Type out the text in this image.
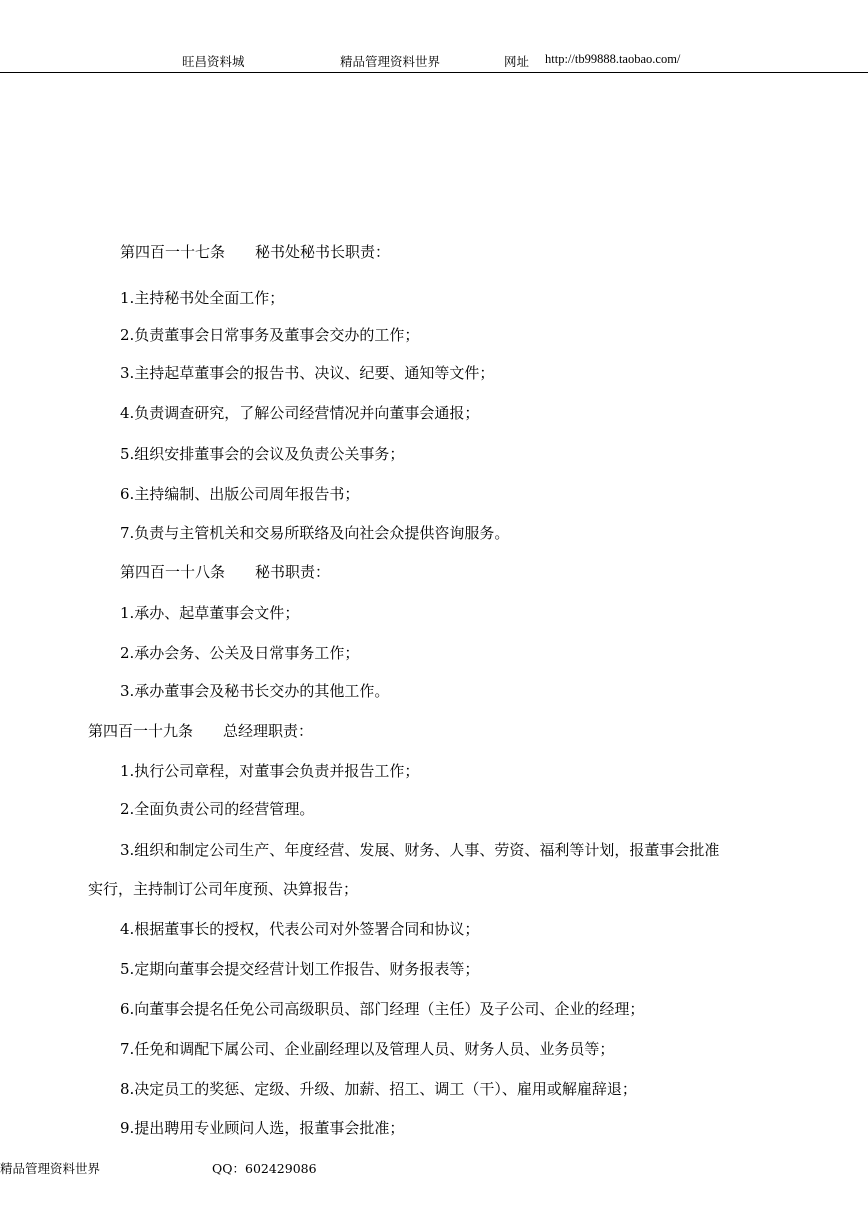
旺昌资料城	精品管理资料世界	网址 http://tb99888.taobao.com/
第四百一十七条 秘书处秘书长职责：
1.主持秘书处全面工作；
2.负责董事会日常事务及董事会交办的工作；
3.主持起草董事会的报告书、决议、纪要、通知等文件；
4.负责调查研究，了解公司经营情况并向董事会通报；
5.组织安排董事会的会议及负责公关事务；
6.主持编制、出版公司周年报告书；
7.负责与主管机关和交易所联络及向社会众提供咨询服务。
第四百一十八条 秘书职责：
1.承办、起草董事会文件；
2.承办会务、公关及日常事务工作；
3.承办董事会及秘书长交办的其他工作。
第四百一十九条 总经理职责：
1.执行公司章程，对董事会负责并报告工作；
2.全面负责公司的经营管理。
3.组织和制定公司生产、年度经营、发展、财务、人事、劳资、福利等计划，报董事会批准
实行，主持制订公司年度预、决算报告；
4.根据董事长的授权，代表公司对外签署合同和协议；
5.定期向董事会提交经营计划工作报告、财务报表等；
6.向董事会提名任免公司高级职员、部门经理（主任）及子公司、企业的经理；
7.任免和调配下属公司、企业副经理以及管理人员、财务人员、业务员等；
8.决定员工的奖惩、定级、升级、加薪、招工、调工（干）、雇用或解雇辞退；
9.提出聘用专业顾问人选，报董事会批准；
精品管理资料世界	QQ：602429086
